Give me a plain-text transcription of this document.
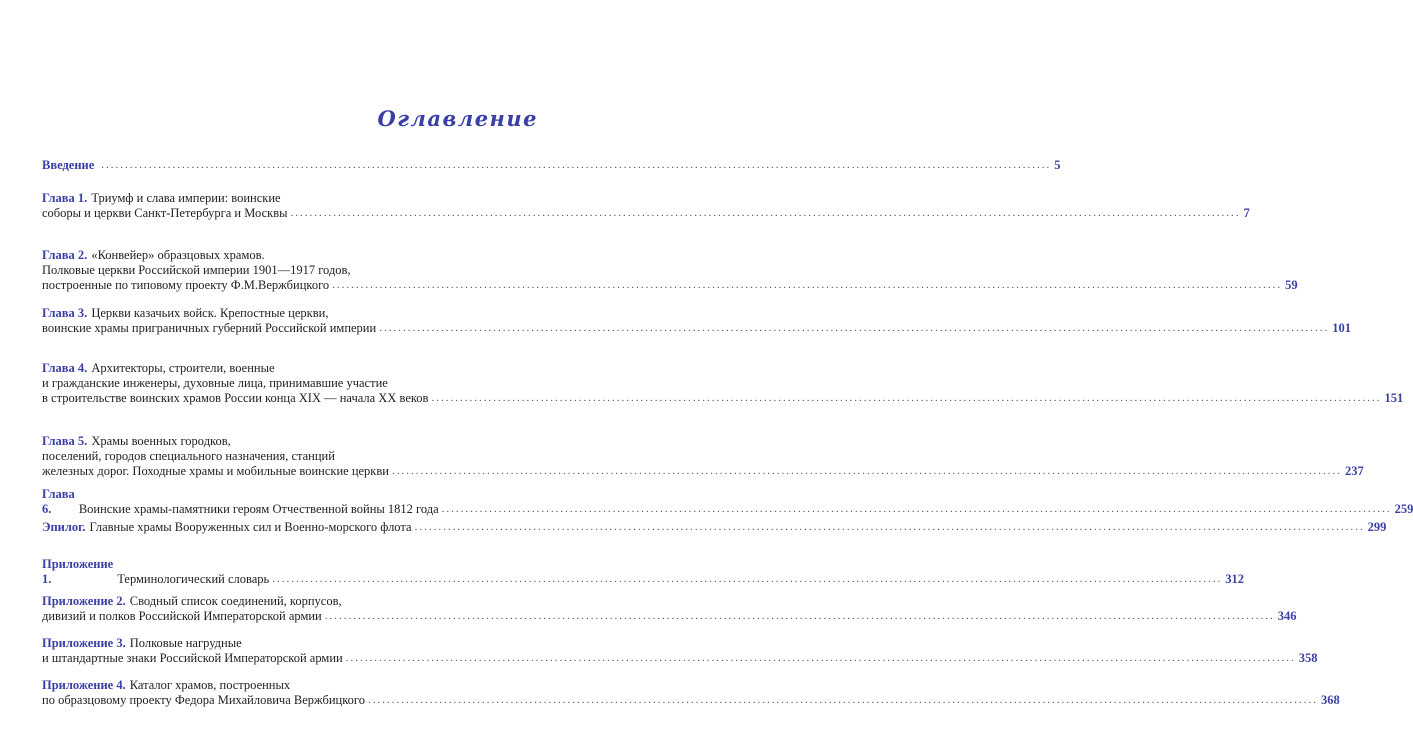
Оглавление
Введение ........................................................................................................................................................................................................ 5
Глава 1. Триумф и слава империи: воинские
соборы и церкви Санкт-Петербурга и Москвы ........................................................................................................................................................................................................ 7
Глава 2. «Конвейер» образцовых храмов.
Полковые церкви Российской империи 1901—1917 годов,
построенные по типовому проекту Ф.М.Вержбицкого ........................................................................................................................................................................................................ 59
Глава 3. Церкви казачьих войск. Крепостные церкви,
воинские храмы приграничных губерний Российской империи ........................................................................................................................................................................................................ 101
Глава 4. Архитекторы, строители, военные
и гражданские инженеры, духовные лица, принимавшие участие
в строительстве воинских храмов России конца XIX — начала XX веков ........................................................................................................................................................................................................ 151
Глава 5. Храмы военных городков,
поселений, городов специального назначения, станций
железных дорог. Походные храмы и мобильные воинские церкви ........................................................................................................................................................................................................ 237
Глава 6.	Воинские храмы-памятники героям Отчественной войны 1812 года ........................................................................................................................................................................................................ 259
Эпилог. Главные храмы Вооруженных сил и Военно-морского флота ........................................................................................................................................................................................................ 299
Приложение 1.	Терминологический словарь ........................................................................................................................................................................................................ 312
Приложение 2. Сводный список соединений, корпусов,
дивизий и полков Российской Императорской армии ........................................................................................................................................................................................................ 346
Приложение 3. Полковые нагрудные
и штандартные знаки Российской Императорской армии ........................................................................................................................................................................................................ 358
Приложение 4. Каталог храмов, построенных
по образцовому проекту Федора Михайловича Вержбицкого ........................................................................................................................................................................................................ 368
